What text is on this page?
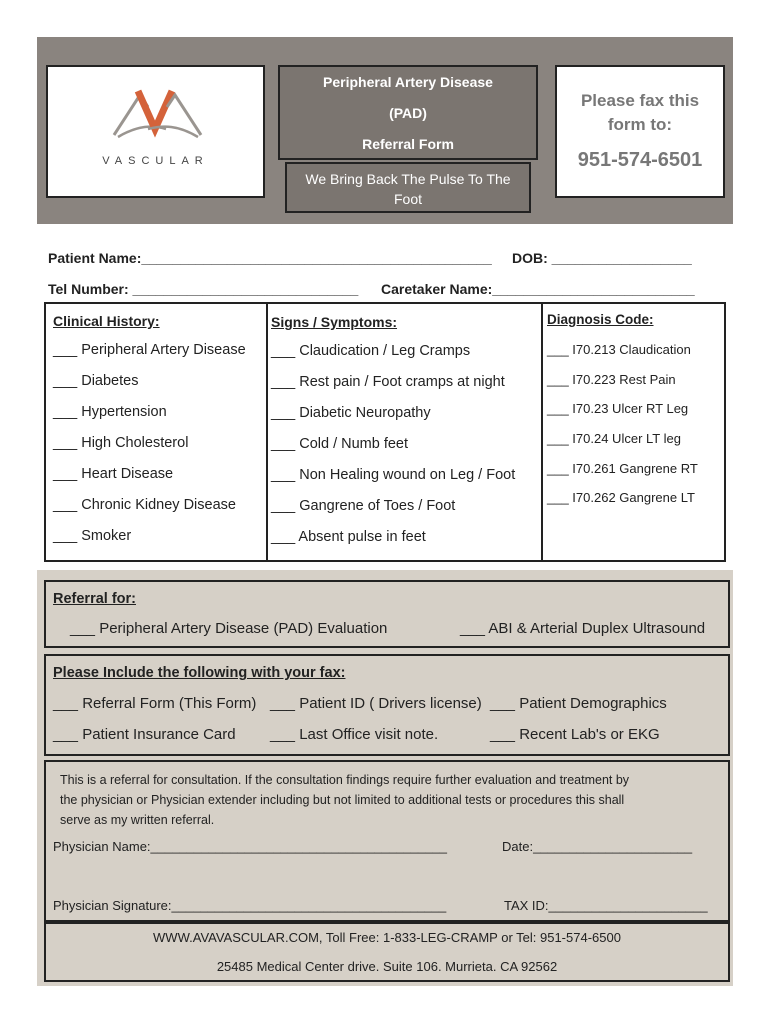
VASCULAR
Peripheral Artery Disease
(PAD)
Referral Form
We Bring Back The Pulse To The
Foot
Please fax this form to:
951-574-6501
Patient Name:_____________________________________________ DOB: __________________
Tel Number: _____________________________ Caretaker Name:__________________________
Clinical History:
___ Peripheral Artery Disease
___ Diabetes
___ Hypertension
___ High Cholesterol
___ Heart Disease
___ Chronic Kidney Disease
___ Smoker
Signs / Symptoms:
___ Claudication / Leg Cramps
___ Rest pain / Foot cramps at night
___ Diabetic Neuropathy
___ Cold / Numb feet
___ Non Healing wound on Leg / Foot
___ Gangrene of Toes / Foot
___ Absent pulse in feet
Diagnosis Code:
___ I70.213 Claudication
___ I70.223 Rest Pain
___ I70.23 Ulcer RT Leg
___ I70.24 Ulcer LT leg
___ I70.261 Gangrene RT
___ I70.262 Gangrene LT
Referral for:
___ Peripheral Artery Disease (PAD) Evaluation	___ ABI & Arterial Duplex Ultrasound
Please Include the following with your fax:
___ Referral Form (This Form) ___ Patient ID ( Drivers license) ___ Patient Demographics
___ Patient Insurance Card ___ Last Office visit note.	___ Recent Lab's or EKG
This is a referral for consultation. If the consultation findings require further evaluation and treatment by
the physician or Physician extender including but not limited to additional tests or procedures this shall
serve as my written referral.
Physician Name:_________________________________________	Date:______________________
Physician Signature:______________________________________	TAX ID:______________________
WWW.AVAVASCULAR.COM, Toll Free: 1-833-LEG-CRAMP or Tel: 951-574-6500
25485 Medical Center drive. Suite 106. Murrieta. CA 92562
